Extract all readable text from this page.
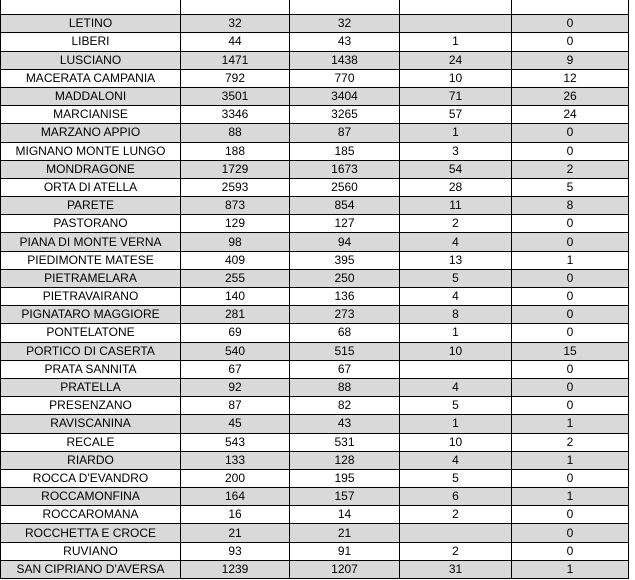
LETINO	32	32		0
LIBERI	44	43	1	0
LUSCIANO	1471	1438	24	9
MACERATA CAMPANIA	792	770	10	12
MADDALONI	3501	3404	71	26
MARCIANISE	3346	3265	57	24
MARZANO APPIO	88	87	1	0
MIGNANO MONTE LUNGO	188	185	3	0
MONDRAGONE	1729	1673	54	2
ORTA DI ATELLA	2593	2560	28	5
PARETE	873	854	11	8
PASTORANO	129	127	2	0
PIANA DI MONTE VERNA	98	94	4	0
PIEDIMONTE MATESE	409	395	13	1
PIETRAMELARA	255	250	5	0
PIETRAVAIRANO	140	136	4	0
PIGNATARO MAGGIORE	281	273	8	0
PONTELATONE	69	68	1	0
PORTICO DI CASERTA	540	515	10	15
PRATA SANNITA	67	67		0
PRATELLA	92	88	4	0
PRESENZANO	87	82	5	0
RAVISCANINA	45	43	1	1
RECALE	543	531	10	2
RIARDO	133	128	4	1
ROCCA D'EVANDRO	200	195	5	0
ROCCAMONFINA	164	157	6	1
ROCCAROMANA	16	14	2	0
ROCCHETTA E CROCE	21	21		0
RUVIANO	93	91	2	0
SAN CIPRIANO D'AVERSA	1239	1207	31	1
